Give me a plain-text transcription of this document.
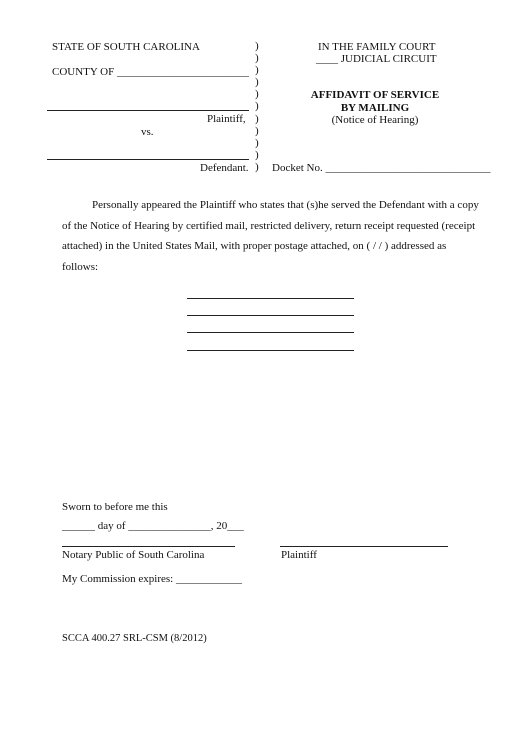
STATE OF SOUTH CAROLINA
COUNTY OF ________________________
Plaintiff,
vs.
Defendant.
)
)
)
)
)
)
)
)
)
)
)
IN THE FAMILY COURT
____ JUDICIAL CIRCUIT
AFFIDAVIT OF SERVICE
BY MAILING
(Notice of Hearing)
Docket No. ______________________________
Personally appeared the Plaintiff who states that (s)he served the Defendant with a copy of the Notice of Hearing by certified mail, restricted delivery, return receipt requested (receipt attached) in the United States Mail, with proper postage attached, on ( / / ) addressed as follows:
Sworn to before me this
______ day of _______________, 20___
Notary Public of South Carolina	Plaintiff
My Commission expires: ____________
SCCA 400.27 SRL-CSM (8/2012)
